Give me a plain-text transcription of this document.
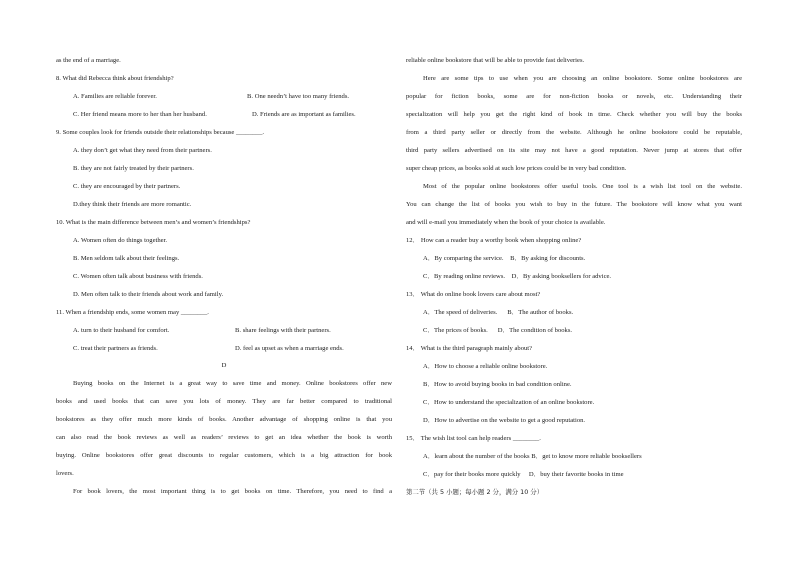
as the end of a marriage.
8. What did Rebecca think about friendship?
A. Families are reliable forever.	B. One needn’t have too many friends.
C. Her friend means more to her than her husband.	D. Friends are as important as families.
9. Some couples look for friends outside their relationships because ________.
A. they don’t get what they need from their partners.
B. they are not fairly treated by their partners.
C. they are encouraged by their partners.
D.they think their friends are more romantic.
10. What is the main difference between men’s and women’s friendships?
A. Women often do things together.
B. Men seldom talk about their feelings.
C. Women often talk about business with friends.
D. Men often talk to their friends about work and family.
11. When a friendship ends, some women may ________.
A. turn to their husband for comfort.	B. share feelings with their partners.
C. treat their partners as friends.	D. feel as upset as when a marriage ends.
D
Buying books on the Internet is a great way to save time and money. Online bookstores offer new
books and used books that can save you lots of money. They are far better compared to traditional
bookstores as they offer much more kinds of books. Another advantage of shopping online is that you
can also read the book reviews as well as readers’ reviews to get an idea whether the book is worth
buying. Online bookstores offer great discounts to regular customers, which is a big attraction for book
lovers.
For book lovers, the most important thing is to get books on time. Therefore, you need to find a
reliable online bookstore that will be able to provide fast deliveries.
Here are some tips to use when you are choosing an online bookstore. Some online bookstores are
popular for fiction books, some are for non-fiction books or novels, etc. Understanding their
specialization will help you get the right kind of book in time. Check whether you will buy the books
from a third party seller or directly from the website. Although he online bookstore could be reputable,
third party sellers advertised on its site may not have a good reputation. Never jump at stores that offer
super cheap prices, as books sold at such low prices could be in very bad condition.
Most of the popular online bookstores offer useful tools. One tool is a wish list tool on the website.
You can change the list of books you wish to buy in the future. The bookstore will know what you want
and will e-mail you immediately when the book of your choice is available.
12． How can a reader buy a worthy book when shopping online?
A．By comparing the service.    B．By asking for discounts.
C．By reading online reviews.    D．By asking booksellers for advice.
13． What do online book lovers care about most?
A．The speed of deliveries.      B．The author of books.
C．The prices of books.      D．The condition of books.
14． What is the third paragraph mainly about?
A．How to choose a reliable online bookstore.
B．How to avoid buying books in bad condition online.
C．How to understand the specialization of an online bookstore.
D．How to advertise on the website to get a good reputation.
15． The wish list tool can help readers ________.
A．learn about the number of the books B．get to know more reliable booksellers
C．pay for their books more quickly     D．buy their favorite books in time
第二节（共 5 小题；每小题 2 分，满分 10 分）
